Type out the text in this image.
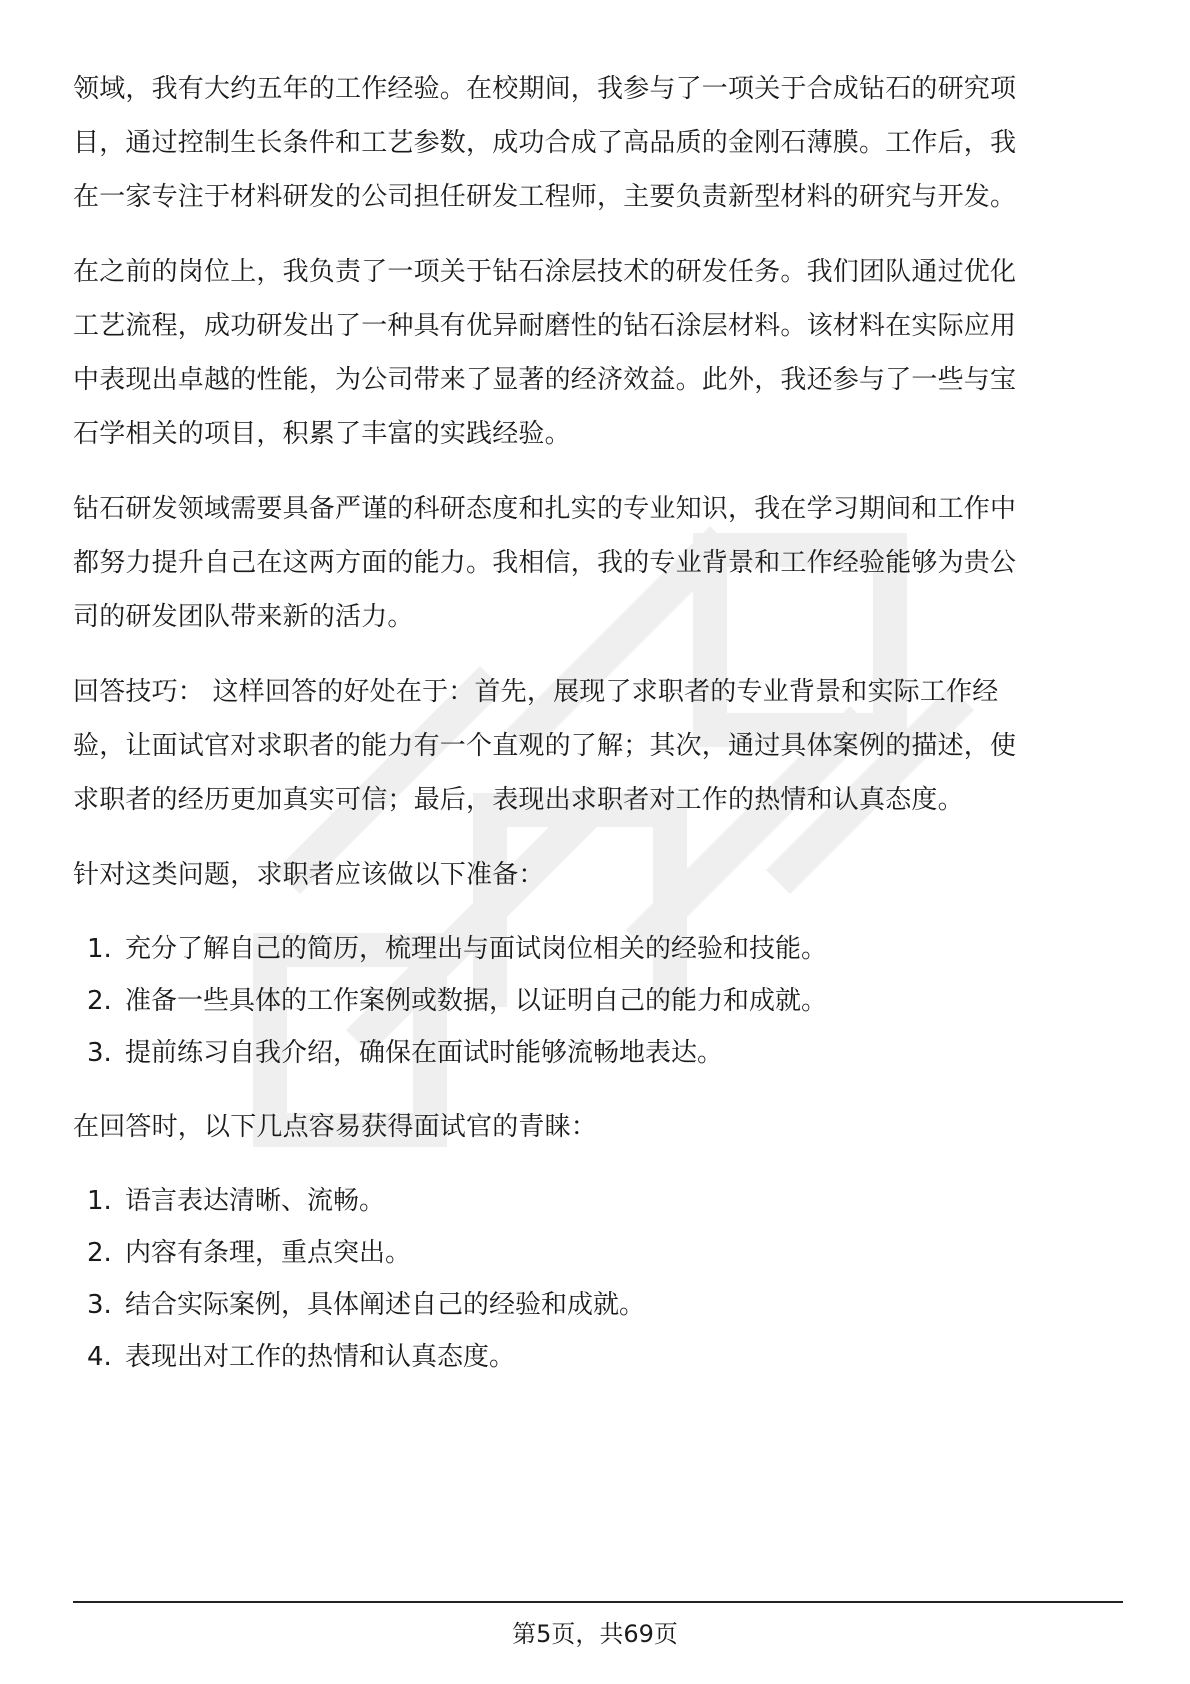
领域，我有大约五年的工作经验。在校期间，我参与了一项关于合成钻石的研究项
目，通过控制生长条件和工艺参数，成功合成了高品质的金刚石薄膜。工作后，我
在一家专注于材料研发的公司担任研发工程师，主要负责新型材料的研究与开发。

在之前的岗位上，我负责了一项关于钻石涂层技术的研发任务。我们团队通过优化
工艺流程，成功研发出了一种具有优异耐磨性的钻石涂层材料。该材料在实际应用
中表现出卓越的性能，为公司带来了显著的经济效益。此外，我还参与了一些与宝
石学相关的项目，积累了丰富的实践经验。

钻石研发领域需要具备严谨的科研态度和扎实的专业知识，我在学习期间和工作中
都努力提升自己在这两方面的能力。我相信，我的专业背景和工作经验能够为贵公
司的研发团队带来新的活力。

回答技巧： 这样回答的好处在于：首先，展现了求职者的专业背景和实际工作经
验，让面试官对求职者的能力有一个直观的了解；其次，通过具体案例的描述，使
求职者的经历更加真实可信；最后，表现出求职者对工作的热情和认真态度。

针对这类问题，求职者应该做以下准备：

1. 充分了解自己的简历，梳理出与面试岗位相关的经验和技能。
2. 准备一些具体的工作案例或数据，以证明自己的能力和成就。
3. 提前练习自我介绍，确保在面试时能够流畅地表达。

在回答时，以下几点容易获得面试官的青睐：

1. 语言表达清晰、流畅。
2. 内容有条理，重点突出。
3. 结合实际案例，具体阐述自己的经验和成就。
4. 表现出对工作的热情和认真态度。
第5页，共69页
